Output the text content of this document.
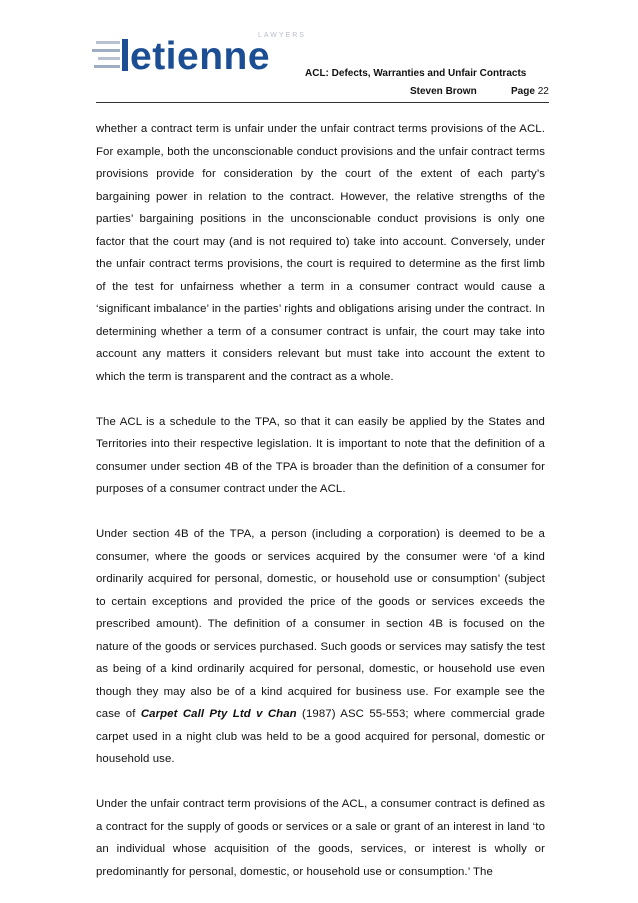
etienne
LAWYERS
ACL: Defects, Warranties and Unfair Contracts
Steven Brown	Page 22

whether a contract term is unfair under the unfair contract terms provisions of the ACL. For example, both the unconscionable conduct provisions and the unfair contract terms provisions provide for consideration by the court of the extent of each party’s bargaining power in relation to the contract. However, the relative strengths of the parties’ bargaining positions in the unconscionable conduct provisions is only one factor that the court may (and is not required to) take into account. Conversely, under the unfair contract terms provisions, the court is required to determine as the first limb of the test for unfairness whether a term in a consumer contract would cause a ‘significant imbalance’ in the parties’ rights and obligations arising under the contract. In determining whether a term of a consumer contract is unfair, the court may take into account any matters it considers relevant but must take into account the extent to which the term is transparent and the contract as a whole.

The ACL is a schedule to the TPA, so that it can easily be applied by the States and Territories into their respective legislation. It is important to note that the definition of a consumer under section 4B of the TPA is broader than the definition of a consumer for purposes of a consumer contract under the ACL.

Under section 4B of the TPA, a person (including a corporation) is deemed to be a consumer, where the goods or services acquired by the consumer were ‘of a kind ordinarily acquired for personal, domestic, or household use or consumption’ (subject to certain exceptions and provided the price of the goods or services exceeds the prescribed amount). The definition of a consumer in section 4B is focused on the nature of the goods or services purchased. Such goods or services may satisfy the test as being of a kind ordinarily acquired for personal, domestic, or household use even though they may also be of a kind acquired for business use. For example see the case of Carpet Call Pty Ltd v Chan (1987) ASC 55-553; where commercial grade carpet used in a night club was held to be a good acquired for personal, domestic or household use.

Under the unfair contract term provisions of the ACL, a consumer contract is defined as a contract for the supply of goods or services or a sale or grant of an interest in land ‘to an individual whose acquisition of the goods, services, or interest is wholly or predominantly for personal, domestic, or household use or consumption.’ The
